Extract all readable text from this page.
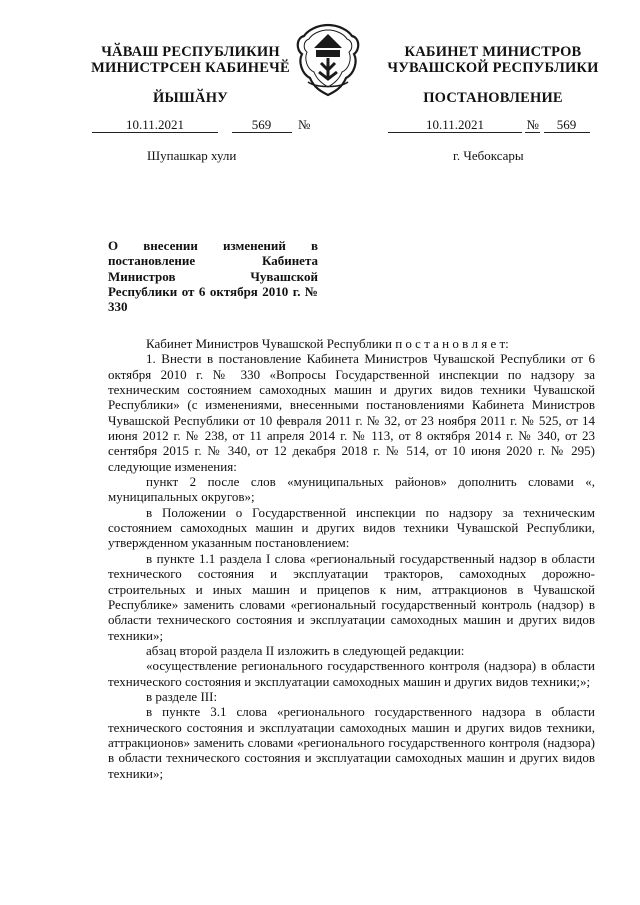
ЧӐВАШ РЕСПУБЛИКИН
МИНИСТРСЕН КАБИНЕЧӖ
ЙЫШӐНУ
КАБИНЕТ МИНИСТРОВ
ЧУВАШСКОЙ РЕСПУБЛИКИ
ПОСТАНОВЛЕНИЕ
10.11.2021	569 №	10.11.2021	№ 569
Шупашкар хули	г. Чебоксары

О внесении изменений в постановление Кабинета Министров Чувашской Республики от 6 октября 2010 г. № 330

Кабинет Министров Чувашской Республики п о с т а н о в л я е т:

1. Внести в постановление Кабинета Министров Чувашской Республики от 6 октября 2010 г. № 330 «Вопросы Государственной инспекции по надзору за техническим состоянием самоходных машин и других видов техники Чувашской Республики» (с изменениями, внесенными постановлениями Кабинета Министров Чувашской Республики от 10 февраля 2011 г. № 32, от 23 ноября 2011 г. № 525, от 14 июня 2012 г. № 238, от 11 апреля 2014 г. № 113, от 8 октября 2014 г. № 340, от 23 сентября 2015 г. № 340, от 12 декабря 2018 г. № 514, от 10 июня 2020 г. № 295) следующие изменения:

пункт 2 после слов «муниципальных районов» дополнить словами «, муниципальных округов»;

в Положении о Государственной инспекции по надзору за техническим состоянием самоходных машин и других видов техники Чувашской Республики, утвержденном указанным постановлением:

в пункте 1.1 раздела I слова «региональный государственный надзор в области технического состояния и эксплуатации тракторов, самоходных дорожно-строительных и иных машин и прицепов к ним, аттракционов в Чувашской Республике» заменить словами «региональный государственный контроль (надзор) в области технического состояния и эксплуатации самоходных машин и других видов техники»;

абзац второй раздела II изложить в следующей редакции:

«осуществление регионального государственного контроля (надзора) в области технического состояния и эксплуатации самоходных машин и других видов техники;»;

в разделе III:

в пункте 3.1 слова «регионального государственного надзора в области технического состояния и эксплуатации самоходных машин и других видов техники, аттракционов» заменить словами «регионального государственного контроля (надзора) в области технического состояния и эксплуатации самоходных машин и других видов техники»;
